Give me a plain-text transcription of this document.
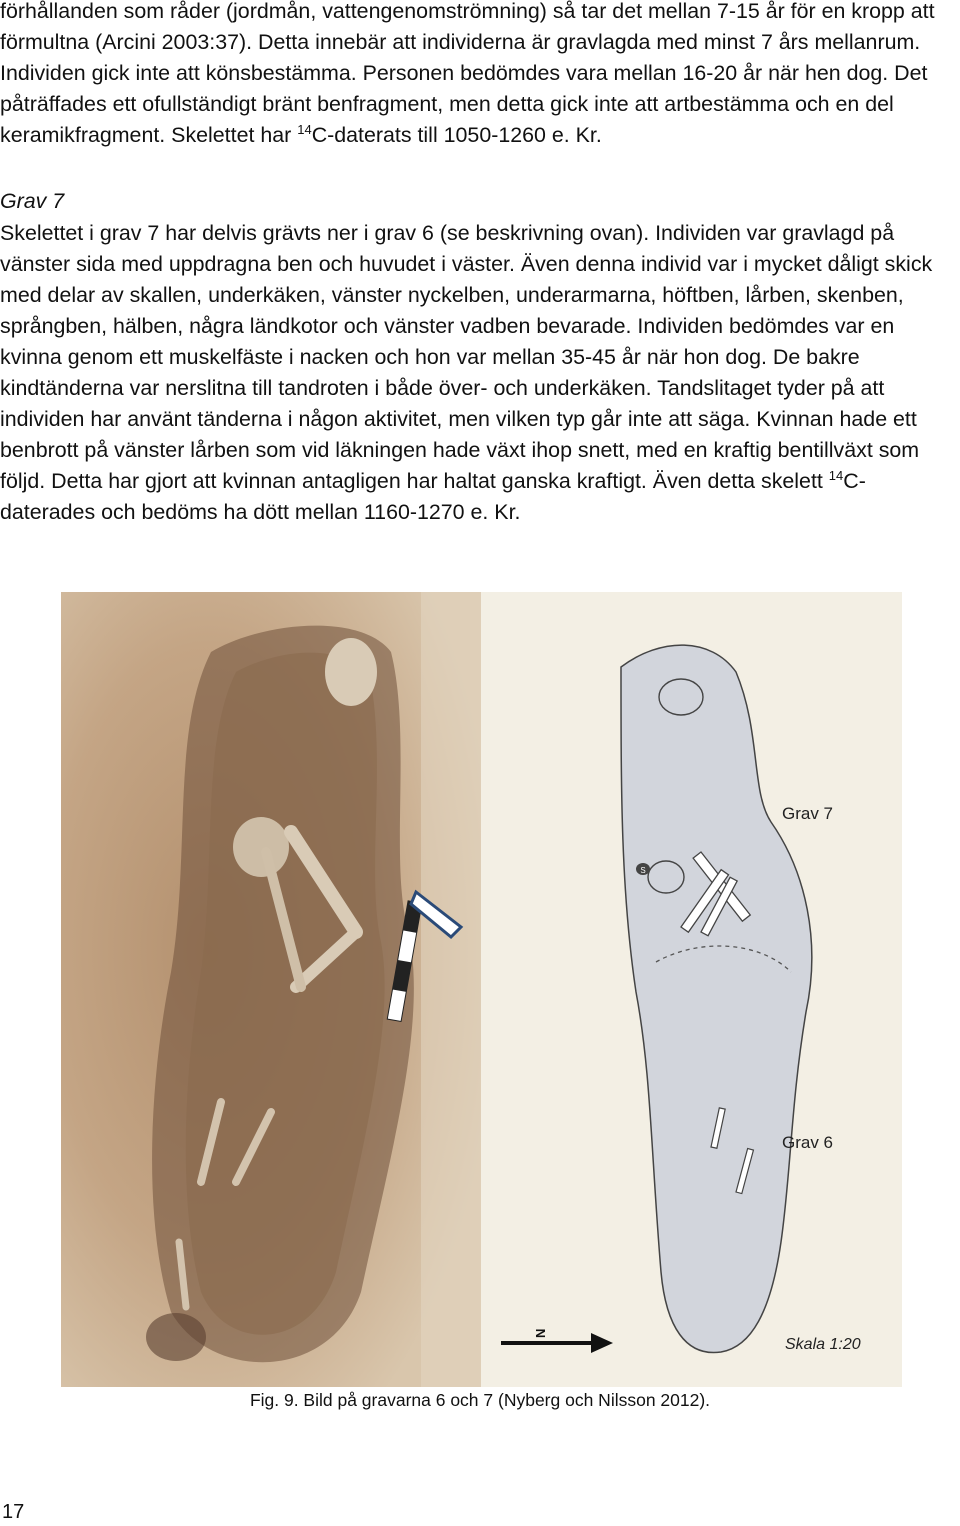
förhållanden som råder (jordmån, vattengenomströmning) så tar det mellan 7-15 år för en kropp att förmultna (Arcini 2003:37). Detta innebär att individerna är gravlagda med minst 7 års mellanrum. Individen gick inte att könsbestämma. Personen bedömdes vara mellan 16-20 år när hen dog. Det påträffades ett ofullständigt bränt benfragment, men detta gick inte att artbestämma och en del keramikfragment. Skelettet har $^{14}$C-daterats till 1050-1260 e. Kr.

Grav 7

Skelettet i grav 7 har delvis grävts ner i grav 6 (se beskrivning ovan). Individen var gravlagd på vänster sida med uppdragna ben och huvudet i väster. Även denna individ var i mycket dåligt skick med delar av skallen, underkäken, vänster nyckelben, underarmarna, höftben, lårben, skenben, språngben, hälben, några ländkotor och vänster vadben bevarade. Individen bedömdes var en kvinna genom ett muskelfäste i nacken och hon var mellan 35-45 år när hon dog. De bakre kindtänderna var nerslitna till tandroten i både över- och underkäken. Tandslitaget tyder på att individen har använt tänderna i någon aktivitet, men vilken typ går inte att säga. Kvinnan hade ett benbrott på vänster lårben som vid läkningen hade växt ihop snett, med en kraftig bentillväxt som följd. Detta har gjort att kvinnan antagligen har haltat ganska kraftigt. Även detta skelett $^{14}$C-daterades och bedöms ha dött mellan 1160-1270 e. Kr.

S
Grav 7
Grav 6
N
Skala 1:20

Fig. 9. Bild på gravarna 6 och 7 (Nyberg och Nilsson 2012).

17
